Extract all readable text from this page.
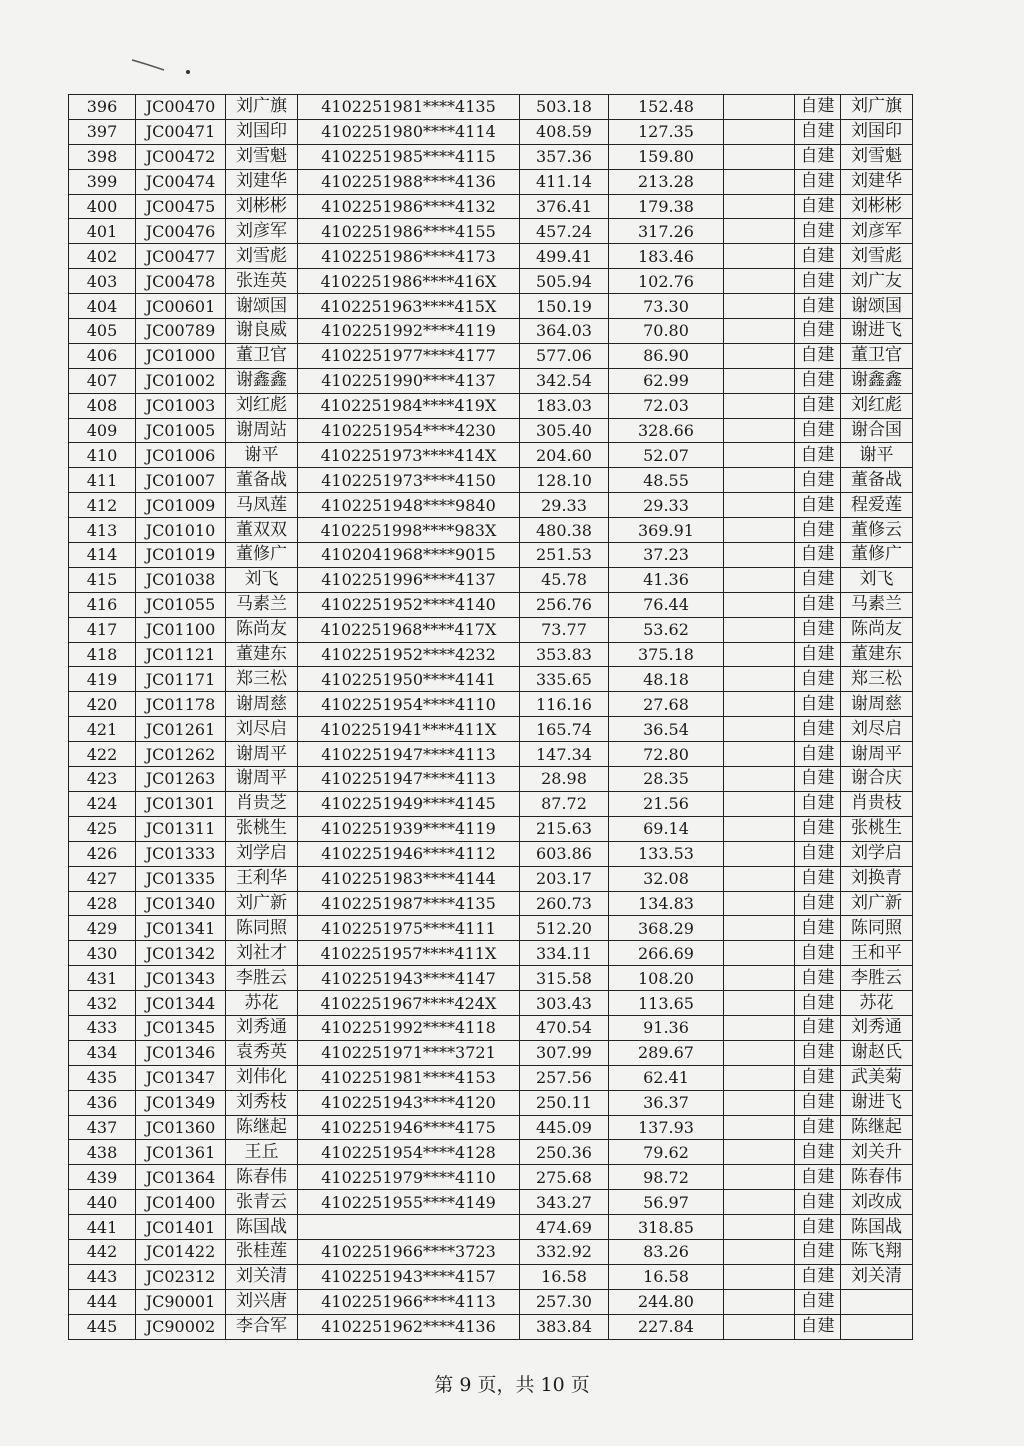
396	JC00470	刘广旗	4102251981****4135	503.18	152.48		自建	刘广旗
397	JC00471	刘国印	4102251980****4114	408.59	127.35		自建	刘国印
398	JC00472	刘雪魁	4102251985****4115	357.36	159.80		自建	刘雪魁
399	JC00474	刘建华	4102251988****4136	411.14	213.28		自建	刘建华
400	JC00475	刘彬彬	4102251986****4132	376.41	179.38		自建	刘彬彬
401	JC00476	刘彦军	4102251986****4155	457.24	317.26		自建	刘彦军
402	JC00477	刘雪彪	4102251986****4173	499.41	183.46		自建	刘雪彪
403	JC00478	张连英	4102251986****416X	505.94	102.76		自建	刘广友
404	JC00601	谢颂国	4102251963****415X	150.19	73.30		自建	谢颂国
405	JC00789	谢良威	4102251992****4119	364.03	70.80		自建	谢进飞
406	JC01000	董卫官	4102251977****4177	577.06	86.90		自建	董卫官
407	JC01002	谢鑫鑫	4102251990****4137	342.54	62.99		自建	谢鑫鑫
408	JC01003	刘红彪	4102251984****419X	183.03	72.03		自建	刘红彪
409	JC01005	谢周站	4102251954****4230	305.40	328.66		自建	谢合国
410	JC01006	谢平	4102251973****414X	204.60	52.07		自建	谢平
411	JC01007	董备战	4102251973****4150	128.10	48.55		自建	董备战
412	JC01009	马凤莲	4102251948****9840	29.33	29.33		自建	程爱莲
413	JC01010	董双双	4102251998****983X	480.38	369.91		自建	董修云
414	JC01019	董修广	4102041968****9015	251.53	37.23		自建	董修广
415	JC01038	刘飞	4102251996****4137	45.78	41.36		自建	刘飞
416	JC01055	马素兰	4102251952****4140	256.76	76.44		自建	马素兰
417	JC01100	陈尚友	4102251968****417X	73.77	53.62		自建	陈尚友
418	JC01121	董建东	4102251952****4232	353.83	375.18		自建	董建东
419	JC01171	郑三松	4102251950****4141	335.65	48.18		自建	郑三松
420	JC01178	谢周慈	4102251954****4110	116.16	27.68		自建	谢周慈
421	JC01261	刘尽启	4102251941****411X	165.74	36.54		自建	刘尽启
422	JC01262	谢周平	4102251947****4113	147.34	72.80		自建	谢周平
423	JC01263	谢周平	4102251947****4113	28.98	28.35		自建	谢合庆
424	JC01301	肖贵芝	4102251949****4145	87.72	21.56		自建	肖贵枝
425	JC01311	张桃生	4102251939****4119	215.63	69.14		自建	张桃生
426	JC01333	刘学启	4102251946****4112	603.86	133.53		自建	刘学启
427	JC01335	王利华	4102251983****4144	203.17	32.08		自建	刘换青
428	JC01340	刘广新	4102251987****4135	260.73	134.83		自建	刘广新
429	JC01341	陈同照	4102251975****4111	512.20	368.29		自建	陈同照
430	JC01342	刘社才	4102251957****411X	334.11	266.69		自建	王和平
431	JC01343	李胜云	4102251943****4147	315.58	108.20		自建	李胜云
432	JC01344	苏花	4102251967****424X	303.43	113.65		自建	苏花
433	JC01345	刘秀通	4102251992****4118	470.54	91.36		自建	刘秀通
434	JC01346	袁秀英	4102251971****3721	307.99	289.67		自建	谢赵氏
435	JC01347	刘伟化	4102251981****4153	257.56	62.41		自建	武美菊
436	JC01349	刘秀枝	4102251943****4120	250.11	36.37		自建	谢进飞
437	JC01360	陈继起	4102251946****4175	445.09	137.93		自建	陈继起
438	JC01361	王丘	4102251954****4128	250.36	79.62		自建	刘关升
439	JC01364	陈春伟	4102251979****4110	275.68	98.72		自建	陈春伟
440	JC01400	张青云	4102251955****4149	343.27	56.97		自建	刘改成
441	JC01401	陈国战		474.69	318.85		自建	陈国战
442	JC01422	张桂莲	4102251966****3723	332.92	83.26		自建	陈飞翔
443	JC02312	刘关清	4102251943****4157	16.58	16.58		自建	刘关清
444	JC90001	刘兴唐	4102251966****4113	257.30	244.80		自建	
445	JC90002	李合军	4102251962****4136	383.84	227.84		自建	
第 9 页，共 10 页
